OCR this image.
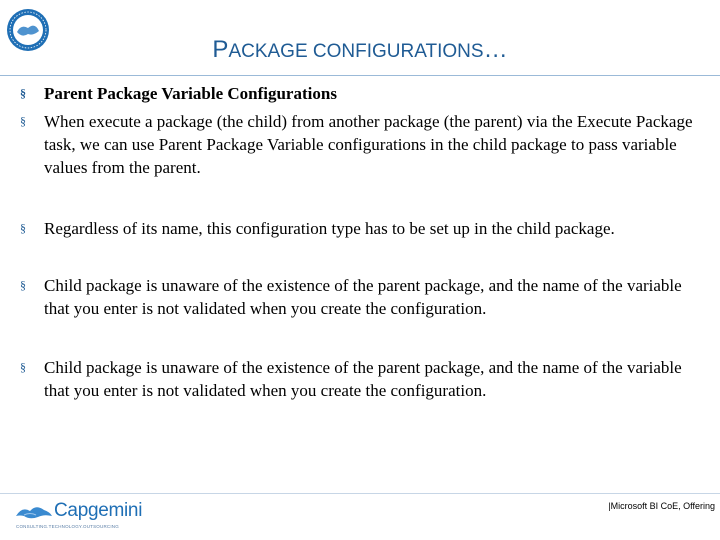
PACKAGE CONFIGURATIONS…
§ Parent Package Variable Configurations
§ When execute a package (the child) from another package (the parent) via the Execute Package task, we can use Parent Package Variable configurations in the child package to pass variable values from the parent.
§ Regardless of its name, this configuration type has to be set up in the child package.
§ Child package is unaware of the existence of the parent package, and the name of the variable that you enter is not validated when you create the configuration.
§ Child package is unaware of the existence of the parent package, and the name of the variable that you enter is not validated when you create the configuration.
Capgemini
CONSULTING.TECHNOLOGY.OUTSOURCING
|Microsoft BI CoE, Offering
